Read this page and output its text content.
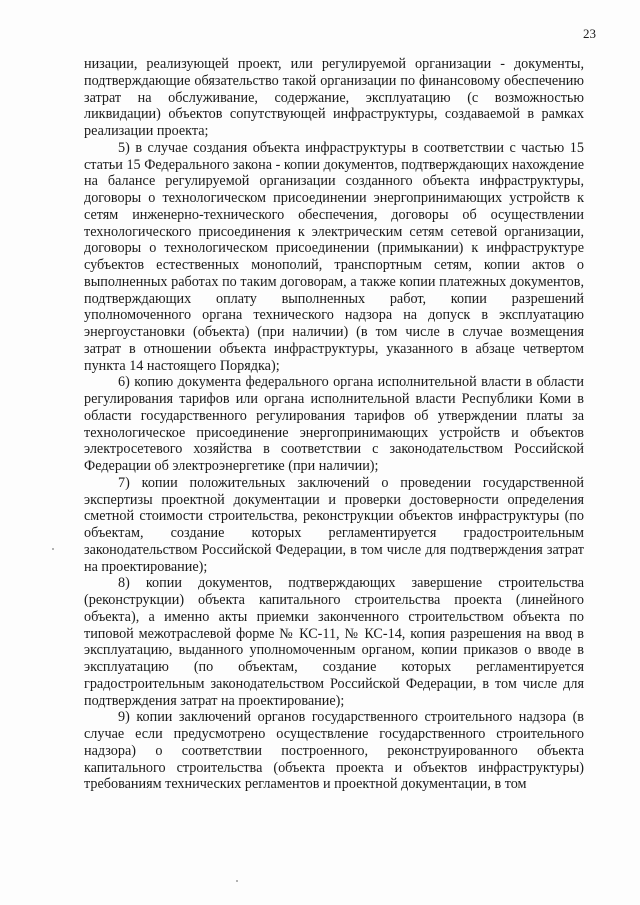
23

низации, реализующей проект, или регулируемой организации - документы, подтверждающие обязательство такой организации по финансовому обеспечению затрат на обслуживание, содержание, эксплуатацию (с возможностью ликвидации) объектов сопутствующей инфраструктуры, создаваемой в рамках реализации проекта;

5) в случае создания объекта инфраструктуры в соответствии с частью 15 статьи 15 Федерального закона - копии документов, подтверждающих нахождение на балансе регулируемой организации созданного объекта инфраструктуры, договоры о технологическом присоединении энергопринимающих устройств к сетям инженерно-технического обеспечения, договоры об осуществлении технологического присоединения к электрическим сетям сетевой организации, договоры о технологическом присоединении (примыкании) к инфраструктуре субъектов естественных монополий, транспортным сетям, копии актов о выполненных работах по таким договорам, а также копии платежных документов, подтверждающих оплату выполненных работ, копии разрешений уполномоченного органа технического надзора на допуск в эксплуатацию энергоустановки (объекта) (при наличии) (в том числе в случае возмещения затрат в отношении объекта инфраструктуры, указанного в абзаце четвертом пункта 14 настоящего Порядка);

6) копию документа федерального органа исполнительной власти в области регулирования тарифов или органа исполнительной власти Республики Коми в области государственного регулирования тарифов об утверждении платы за технологическое присоединение энергопринимающих устройств и объектов электросетевого хозяйства в соответствии с законодательством Российской Федерации об электроэнергетике (при наличии);

7) копии положительных заключений о проведении государственной экспертизы проектной документации и проверки достоверности определения сметной стоимости строительства, реконструкции объектов инфраструктуры (по объектам, создание которых регламентируется градостроительным законодательством Российской Федерации, в том числе для подтверждения затрат на проектирование);

8) копии документов, подтверждающих завершение строительства (реконструкции) объекта капитального строительства проекта (линейного объекта), а именно акты приемки законченного строительством объекта по типовой межотраслевой форме № КС-11, № КС-14, копия разрешения на ввод в эксплуатацию, выданного уполномоченным органом, копии приказов о вводе в эксплуатацию (по объектам, создание которых регламентируется градостроительным законодательством Российской Федерации, в том числе для подтверждения затрат на проектирование);

9) копии заключений органов государственного строительного надзора (в случае если предусмотрено осуществление государственного строительного надзора) о соответствии построенного, реконструированного объекта капитального строительства (объекта проекта и объектов инфраструктуры) требованиям технических регламентов и проектной документации, в том
